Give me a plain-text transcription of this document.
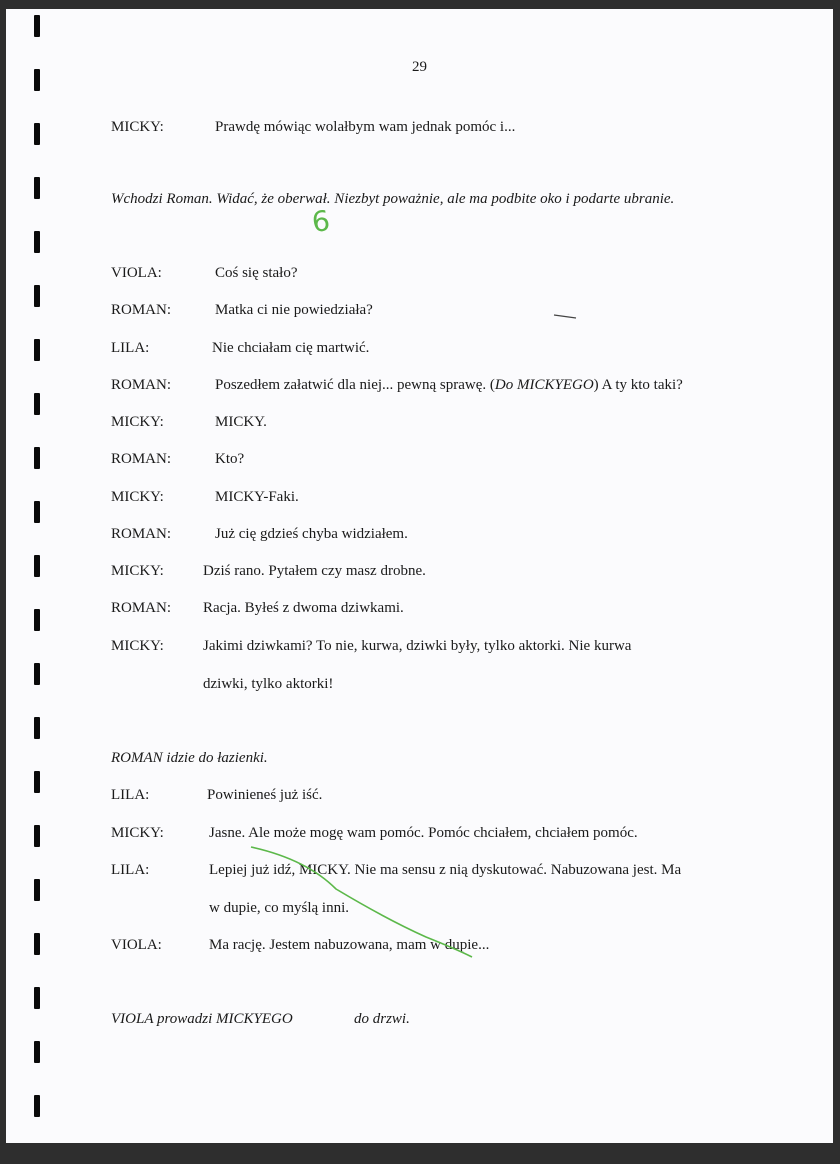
29
MICKY:	Prawdę mówiąc wolałbym wam jednak pomóc i...
Wchodzi Roman. Widać, że oberwał. Niezbyt poważnie, ale ma podbite oko i podarte ubranie.
6
VIOLA:	Coś się stało?
ROMAN:	Matka ci nie powiedziała?
LILA:	Nie chciałam cię martwić.
ROMAN:	Poszedłem załatwić dla niej... pewną sprawę. (Do MICKYEGO) A ty kto taki?
MICKY:	MICKY.
ROMAN:	Kto?
MICKY:	MICKY-Faki.
ROMAN:	Już cię gdzieś chyba widziałem.
MICKY:	Dziś rano. Pytałem czy masz drobne.
ROMAN: Racja. Byłeś z dwoma dziwkami.
MICKY:	Jakimi dziwkami? To nie, kurwa, dziwki były, tylko aktorki. Nie kurwa
dziwki, tylko aktorki!
ROMAN idzie do łazienki.
LILA:	Powinieneś już iść.
MICKY:	Jasne. Ale może mogę wam pomóc. Pomóc chciałem, chciałem pomóc.
LILA:	Lepiej już idź, MICKY. Nie ma sensu z nią dyskutować. Nabuzowana jest. Ma
w dupie, co myślą inni.
VIOLA:	Ma rację. Jestem nabuzowana, mam w dupie...
VIOLA prowadzi MICKYEGO	do drzwi.
